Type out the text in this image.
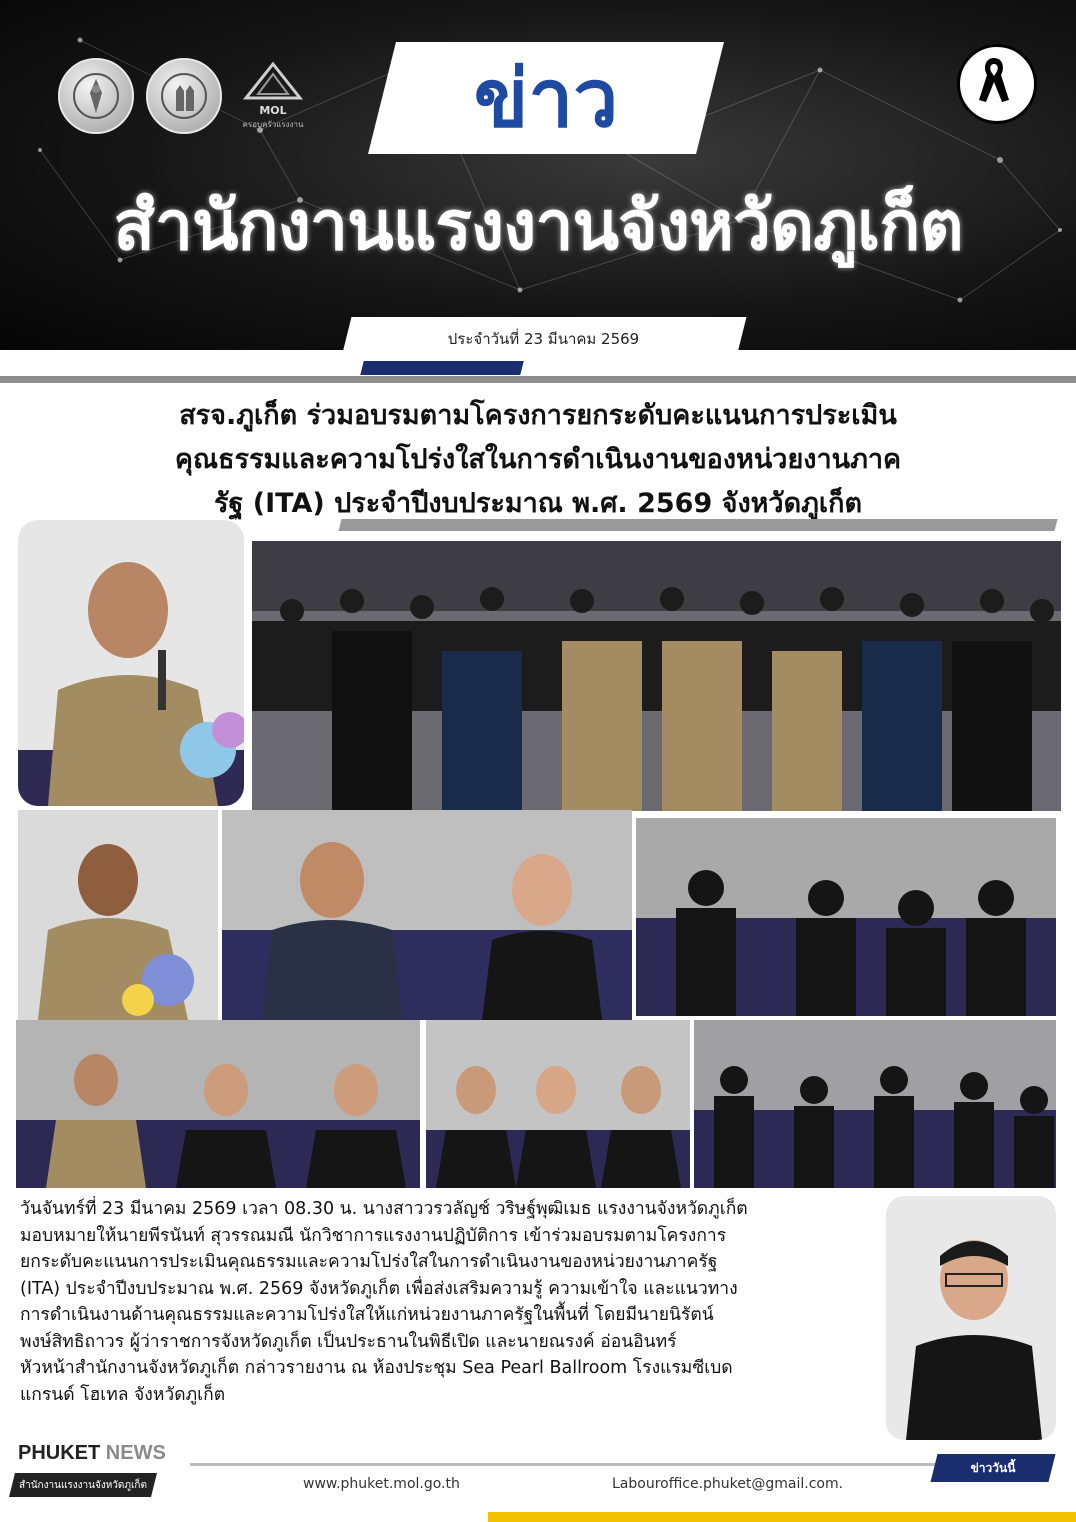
MOL
ครอบครัวแรงงาน	ข่าว
สำนักงานแรงงานจังหวัดภูเก็ต
ประจำวันที่ 23 มีนาคม 2569
สรจ.ภูเก็ต ร่วมอบรมตามโครงการยกระดับคะแนนการประเมิน
คุณธรรมและความโปร่งใสในการดำเนินงานของหน่วยงานภาค
รัฐ (ITA) ประจำปีงบประมาณ พ.ศ. 2569 จังหวัดภูเก็ต
วันจันทร์ที่ 23 มีนาคม 2569 เวลา 08.30 น. นางสาววรวลัญช์ วริษฐ์พุฒิเมธ แรงงานจังหวัดภูเก็ต
มอบหมายให้นายพีรนันท์ สุวรรณมณี นักวิชาการแรงงานปฏิบัติการ เข้าร่วมอบรมตามโครงการ
ยกระดับคะแนนการประเมินคุณธรรมและความโปร่งใสในการดำเนินงานของหน่วยงานภาครัฐ
(ITA) ประจำปีงบประมาณ พ.ศ. 2569 จังหวัดภูเก็ต เพื่อส่งเสริมความรู้ ความเข้าใจ และแนวทาง
การดำเนินงานด้านคุณธรรมและความโปร่งใสให้แก่หน่วยงานภาครัฐในพื้นที่ โดยมีนายนิรัตน์
พงษ์สิทธิถาวร ผู้ว่าราชการจังหวัดภูเก็ต เป็นประธานในพิธีเปิด และนายณรงค์ อ่อนอินทร์
หัวหน้าสำนักงานจังหวัดภูเก็ต กล่าวรายงาน ณ ห้องประชุม Sea Pearl Ballroom โรงแรมซีเบด
แกรนด์ โฮเทล จังหวัดภูเก็ต
PHUKET NEWS
สำนักงานแรงงานจังหวัดภูเก็ต	www.phuket.mol.go.th	Labouroffice.phuket@gmail.com.
ข่าววันนี้
